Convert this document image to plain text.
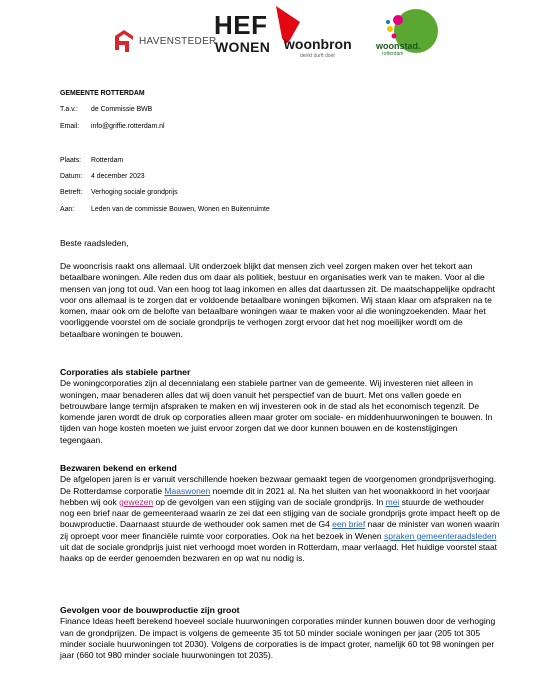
HAVENSTEDER
HEF
WONEN woonbron
denkt durft doet
woonstad.
rotterdam
GEMEENTE ROTTERDAM
T.a.v.: de Commissie BWB
Email: info@griffie.rotterdam.nl
Plaats: Rotterdam
Datum: 4 december 2023
Betreft: Verhoging sociale grondprijs
Aan: Leden van de commissie Bouwen, Wonen en Buitenruimte

Beste raadsleden,

De wooncrisis raakt ons allemaal. Uit onderzoek blijkt dat mensen zich veel zorgen maken over het tekort aan betaalbare woningen. Alle reden dus om daar als politiek, bestuur en organisaties werk van te maken. Voor al die mensen van jong tot oud. Van een hoog tot laag inkomen en alles dat daartussen zit. De maatschappelijke opdracht voor ons allemaal is te zorgen dat er voldoende betaalbare woningen bijkomen. Wij staan klaar om afspraken na te komen, maar ook om de belofte van betaalbare woningen waar te maken voor al die woningzoekenden. Maar het voorliggende voorstel om de sociale grondprijs te verhogen zorgt ervoor dat het nog moeilijker wordt om de betaalbare woningen te bouwen.

Corporaties als stabiele partner

De woningcorporaties zijn al decennialang een stabiele partner van de gemeente. Wij investeren niet alleen in woningen, maar benaderen alles dat wij doen vanuit het perspectief van de buurt. Met ons vallen goede en betrouwbare lange termijn afspraken te maken en wij investeren ook in de stad als het economisch tegenzit. De komende jaren wordt de druk op corporaties alleen maar groter om sociale- en middenhuurwoningen te bouwen. In tijden van hoge kosten moeten we juist ervoor zorgen dat we door kunnen bouwen en de kostenstijgingen tegengaan.

Bezwaren bekend en erkend

De afgelopen jaren is er vanuit verschillende hoeken bezwaar gemaakt tegen de voorgenomen grondprijsverhoging. De Rotterdamse corporatie Maaswonen noemde dit in 2021 al. Na het sluiten van het woonakkoord in het voorjaar hebben wij ook gewezen op de gevolgen van een stijging van de sociale grondprijs. In mei stuurde de wethouder nog een brief naar de gemeenteraad waarin ze zei dat een stijging van de sociale grondprijs grote impact heeft op de bouwproductie. Daarnaast stuurde de wethouder ook samen met de G4 een brief naar de minister van wonen waarin zij oproept voor meer financiële ruimte voor corporaties. Ook na het bezoek in Wenen spraken gemeenteraadsleden uit dat de sociale grondprijs juist niet verhoogd moet worden in Rotterdam, maar verlaagd. Het huidige voorstel staat haaks op de eerder genoemden bezwaren en op wat nu nodig is.

Gevolgen voor de bouwproductie zijn groot

Finance Ideas heeft berekend hoeveel sociale huurwoningen corporaties minder kunnen bouwen door de verhoging van de grondprijzen. De impact is volgens de gemeente 35 tot 50 minder sociale woningen per jaar (205 tot 305 minder sociale huurwoningen tot 2030). Volgens de corporaties is de impact groter, namelijk 60 tot 98 woningen per jaar (660 tot 980 minder sociale huurwoningen tot 2035).
